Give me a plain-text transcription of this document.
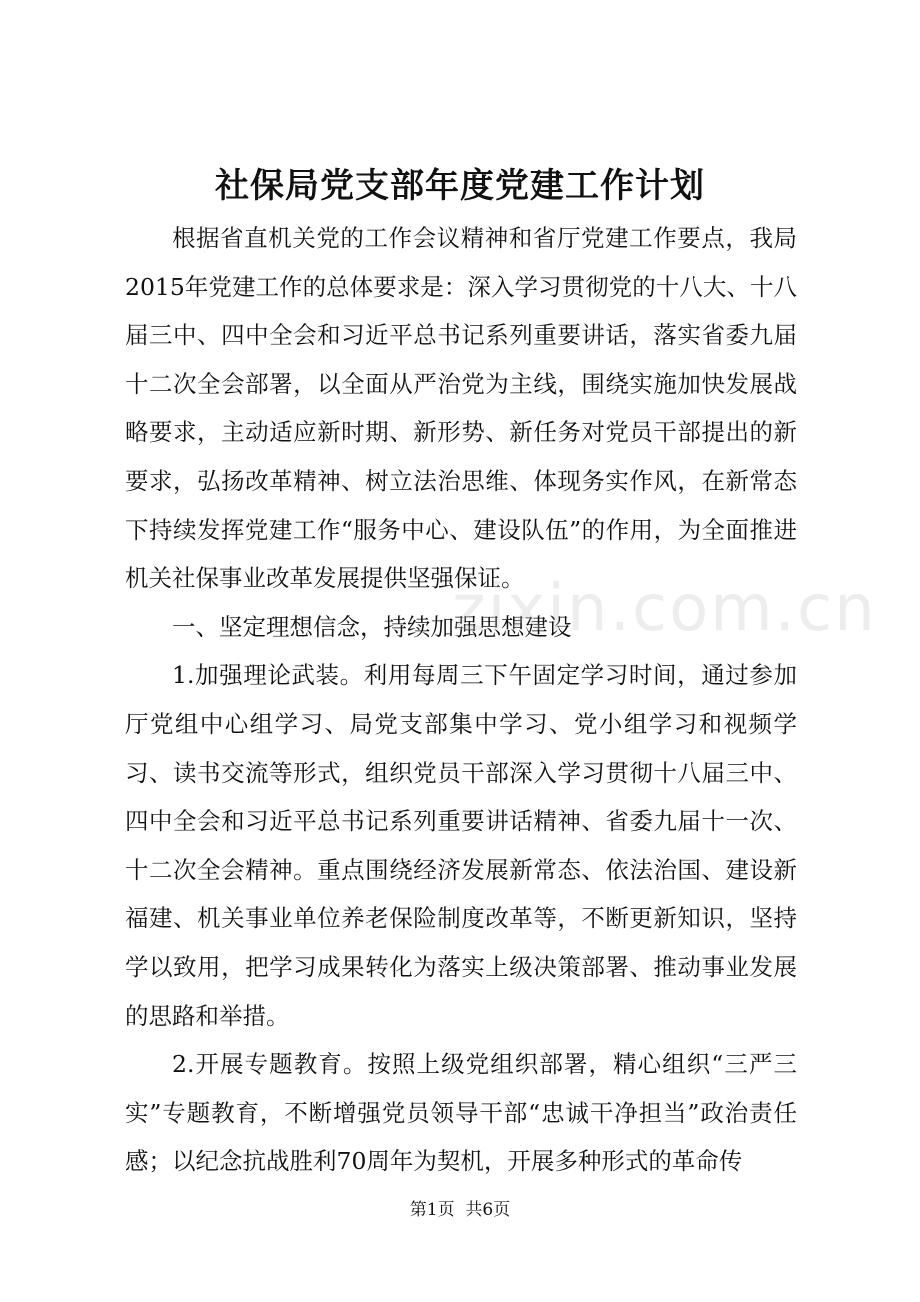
社保局党支部年度党建工作计划

根据省直机关党的工作会议精神和省厅党建工作要点，我局2015年党建工作的总体要求是：深入学习贯彻党的十八大、十八届三中、四中全会和习近平总书记系列重要讲话，落实省委九届十二次全会部署，以全面从严治党为主线，围绕实施加快发展战略要求，主动适应新时期、新形势、新任务对党员干部提出的新要求，弘扬改革精神、树立法治思维、体现务实作风，在新常态下持续发挥党建工作“服务中心、建设队伍”的作用，为全面推进机关社保事业改革发展提供坚强保证。

一、坚定理想信念，持续加强思想建设

1.加强理论武装。利用每周三下午固定学习时间，通过参加厅党组中心组学习、局党支部集中学习、党小组学习和视频学习、读书交流等形式，组织党员干部深入学习贯彻十八届三中、四中全会和习近平总书记系列重要讲话精神、省委九届十一次、十二次全会精神。重点围绕经济发展新常态、依法治国、建设新福建、机关事业单位养老保险制度改革等，不断更新知识，坚持学以致用，把学习成果转化为落实上级决策部署、推动事业发展的思路和举措。

2.开展专题教育。按照上级党组织部署，精心组织“三严三实”专题教育，不断增强党员领导干部“忠诚干净担当”政治责任感；以纪念抗战胜利70周年为契机，开展多种形式的革命传

zixin.com.cn
第1页 共6页
